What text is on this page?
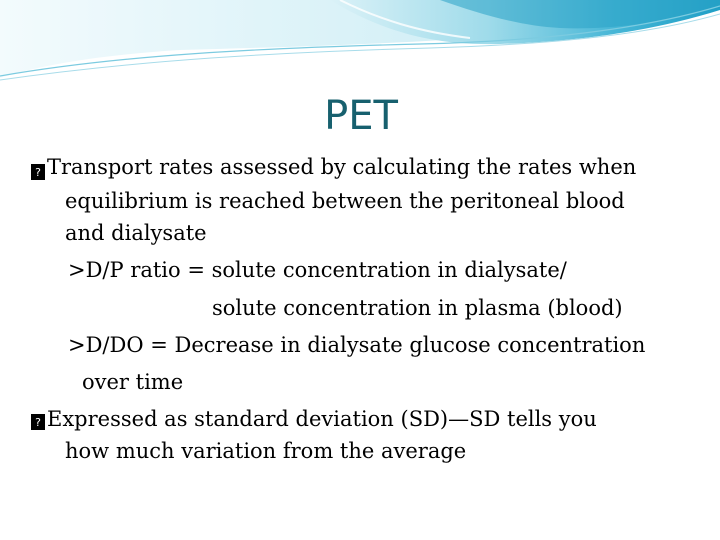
PET
? Transport rates assessed by calculating the rates when
equilibrium is reached between the peritoneal blood
and dialysate
>D/P ratio = solute concentration in dialysate/
solute concentration in plasma (blood)
>D/DO = Decrease in dialysate glucose concentration
over time
? Expressed as standard deviation (SD)—SD tells you
how much variation from the average
